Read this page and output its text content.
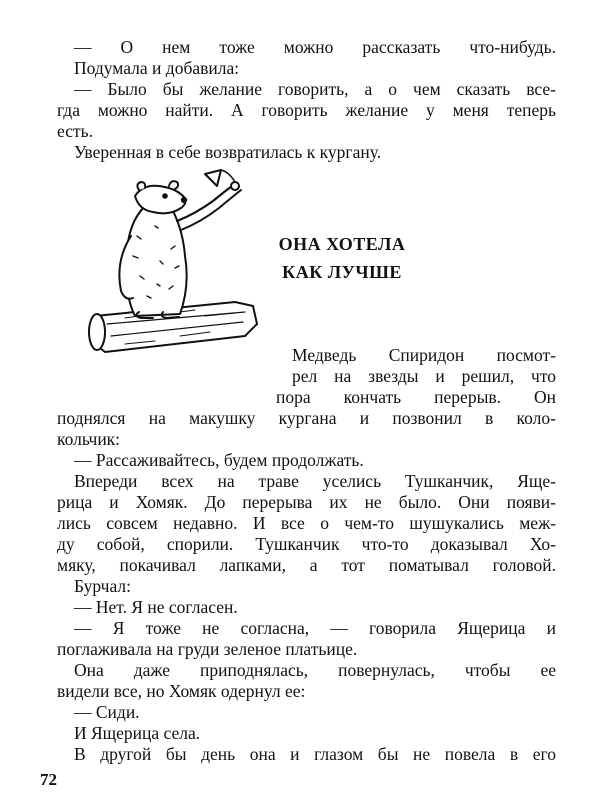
— О нем тоже можно рассказать что-нибудь.
Подумала и добавила:
— Было бы желание говорить, а о чем сказать все-
гда можно найти. А говорить желание у меня теперь
есть.
Уверенная в себе возвратилась к кургану.
ОНА ХОТЕЛА
КАК ЛУЧШЕ
Медведь Спиридон посмот-
рел на звезды и решил, что
пора кончать перерыв. Он
поднялся на макушку кургана и позвонил в коло-
кольчик:
— Рассаживайтесь, будем продолжать.
Впереди всех на траве уселись Тушканчик, Яще-
рица и Хомяк. До перерыва их не было. Они появи-
лись совсем недавно. И все о чем-то шушукались меж-
ду собой, спорили. Тушканчик что-то доказывал Хо-
мяку, покачивал лапками, а тот поматывал головой.
Бурчал:
— Нет. Я не согласен.
— Я тоже не согласна, — говорила Ящерица и
поглаживала на груди зеленое платьице.
Она даже приподнялась, повернулась, чтобы ее
видели все, но Хомяк одернул ее:
— Сиди.
И Ящерица села.
В другой бы день она и глазом бы не повела в его
72
